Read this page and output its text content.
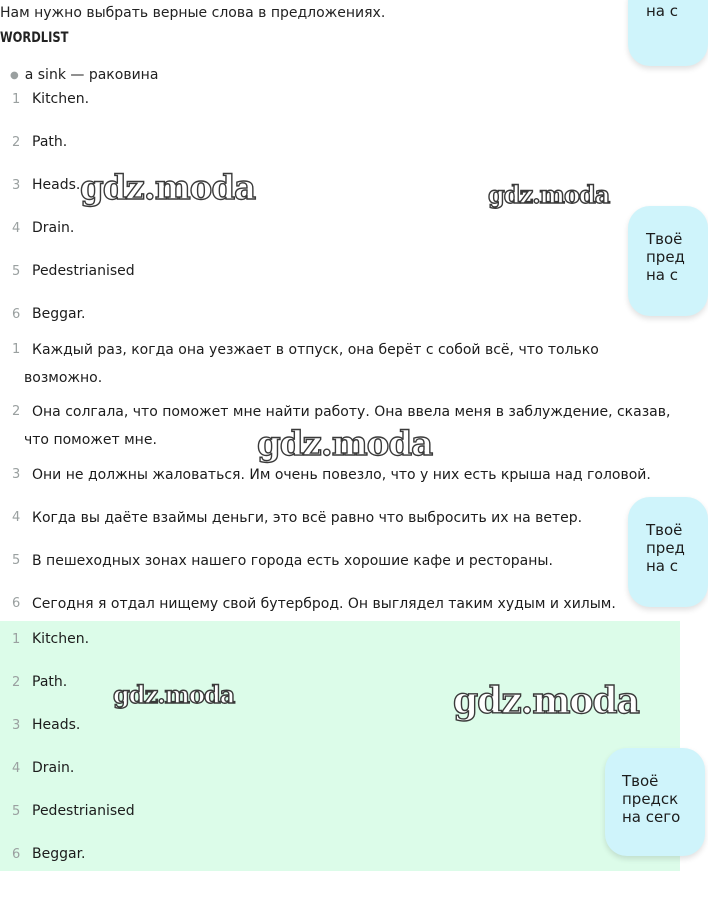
Нам нужно выбрать верные слова в предложениях.
WORDLIST
● a sink — раковина
1 Kitchen.
2 Path.
3 Heads.
4 Drain.
5 Pedestrianised
6 Beggar.
1 Каждый раз, когда она уезжает в отпуск, она берёт с собой всё, что только возможно.
2 Она солгала, что поможет мне найти работу. Она ввела меня в заблуждение, сказав, что поможет мне.
3 Они не должны жаловаться. Им очень повезло, что у них есть крыша над головой.
4 Когда вы даёте взаймы деньги, это всё равно что выбросить их на ветер.
5 В пешеходных зонах нашего города есть хорошие кафе и рестораны.
6 Сегодня я отдал нищему свой бутерброд. Он выглядел таким худым и хилым.
1 Kitchen.
2 Path.
3 Heads.
4 Drain.
5 Pedestrianised
6 Beggar.
на с
Твоё
пред
на с
Твоё
пред
на с
Твоё
предск
на сего
gdz.moda	gdz.moda
gdz.moda
gdz.moda	gdz.moda
